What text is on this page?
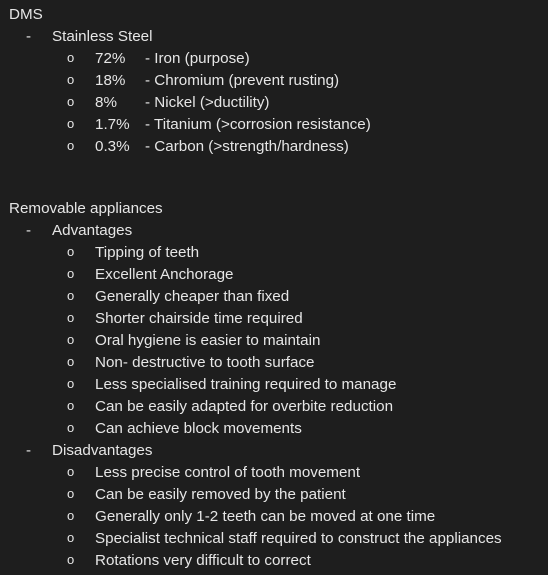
DMS
- Stainless Steel
o 72% - Iron (purpose)
o 18% - Chromium (prevent rusting)
o 8% - Nickel (>ductility)
o 1.7% - Titanium (>corrosion resistance)
o 0.3% - Carbon (>strength/hardness)
Removable appliances
- Advantages
o Tipping of teeth
o Excellent Anchorage
o Generally cheaper than fixed
o Shorter chairside time required
o Oral hygiene is easier to maintain
o Non- destructive to tooth surface
o Less specialised training required to manage
o Can be easily adapted for overbite reduction
o Can achieve block movements
- Disadvantages
o Less precise control of tooth movement
o Can be easily removed by the patient
o Generally only 1-2 teeth can be moved at one time
o Specialist technical staff required to construct the appliances
o Rotations very difficult to correct
